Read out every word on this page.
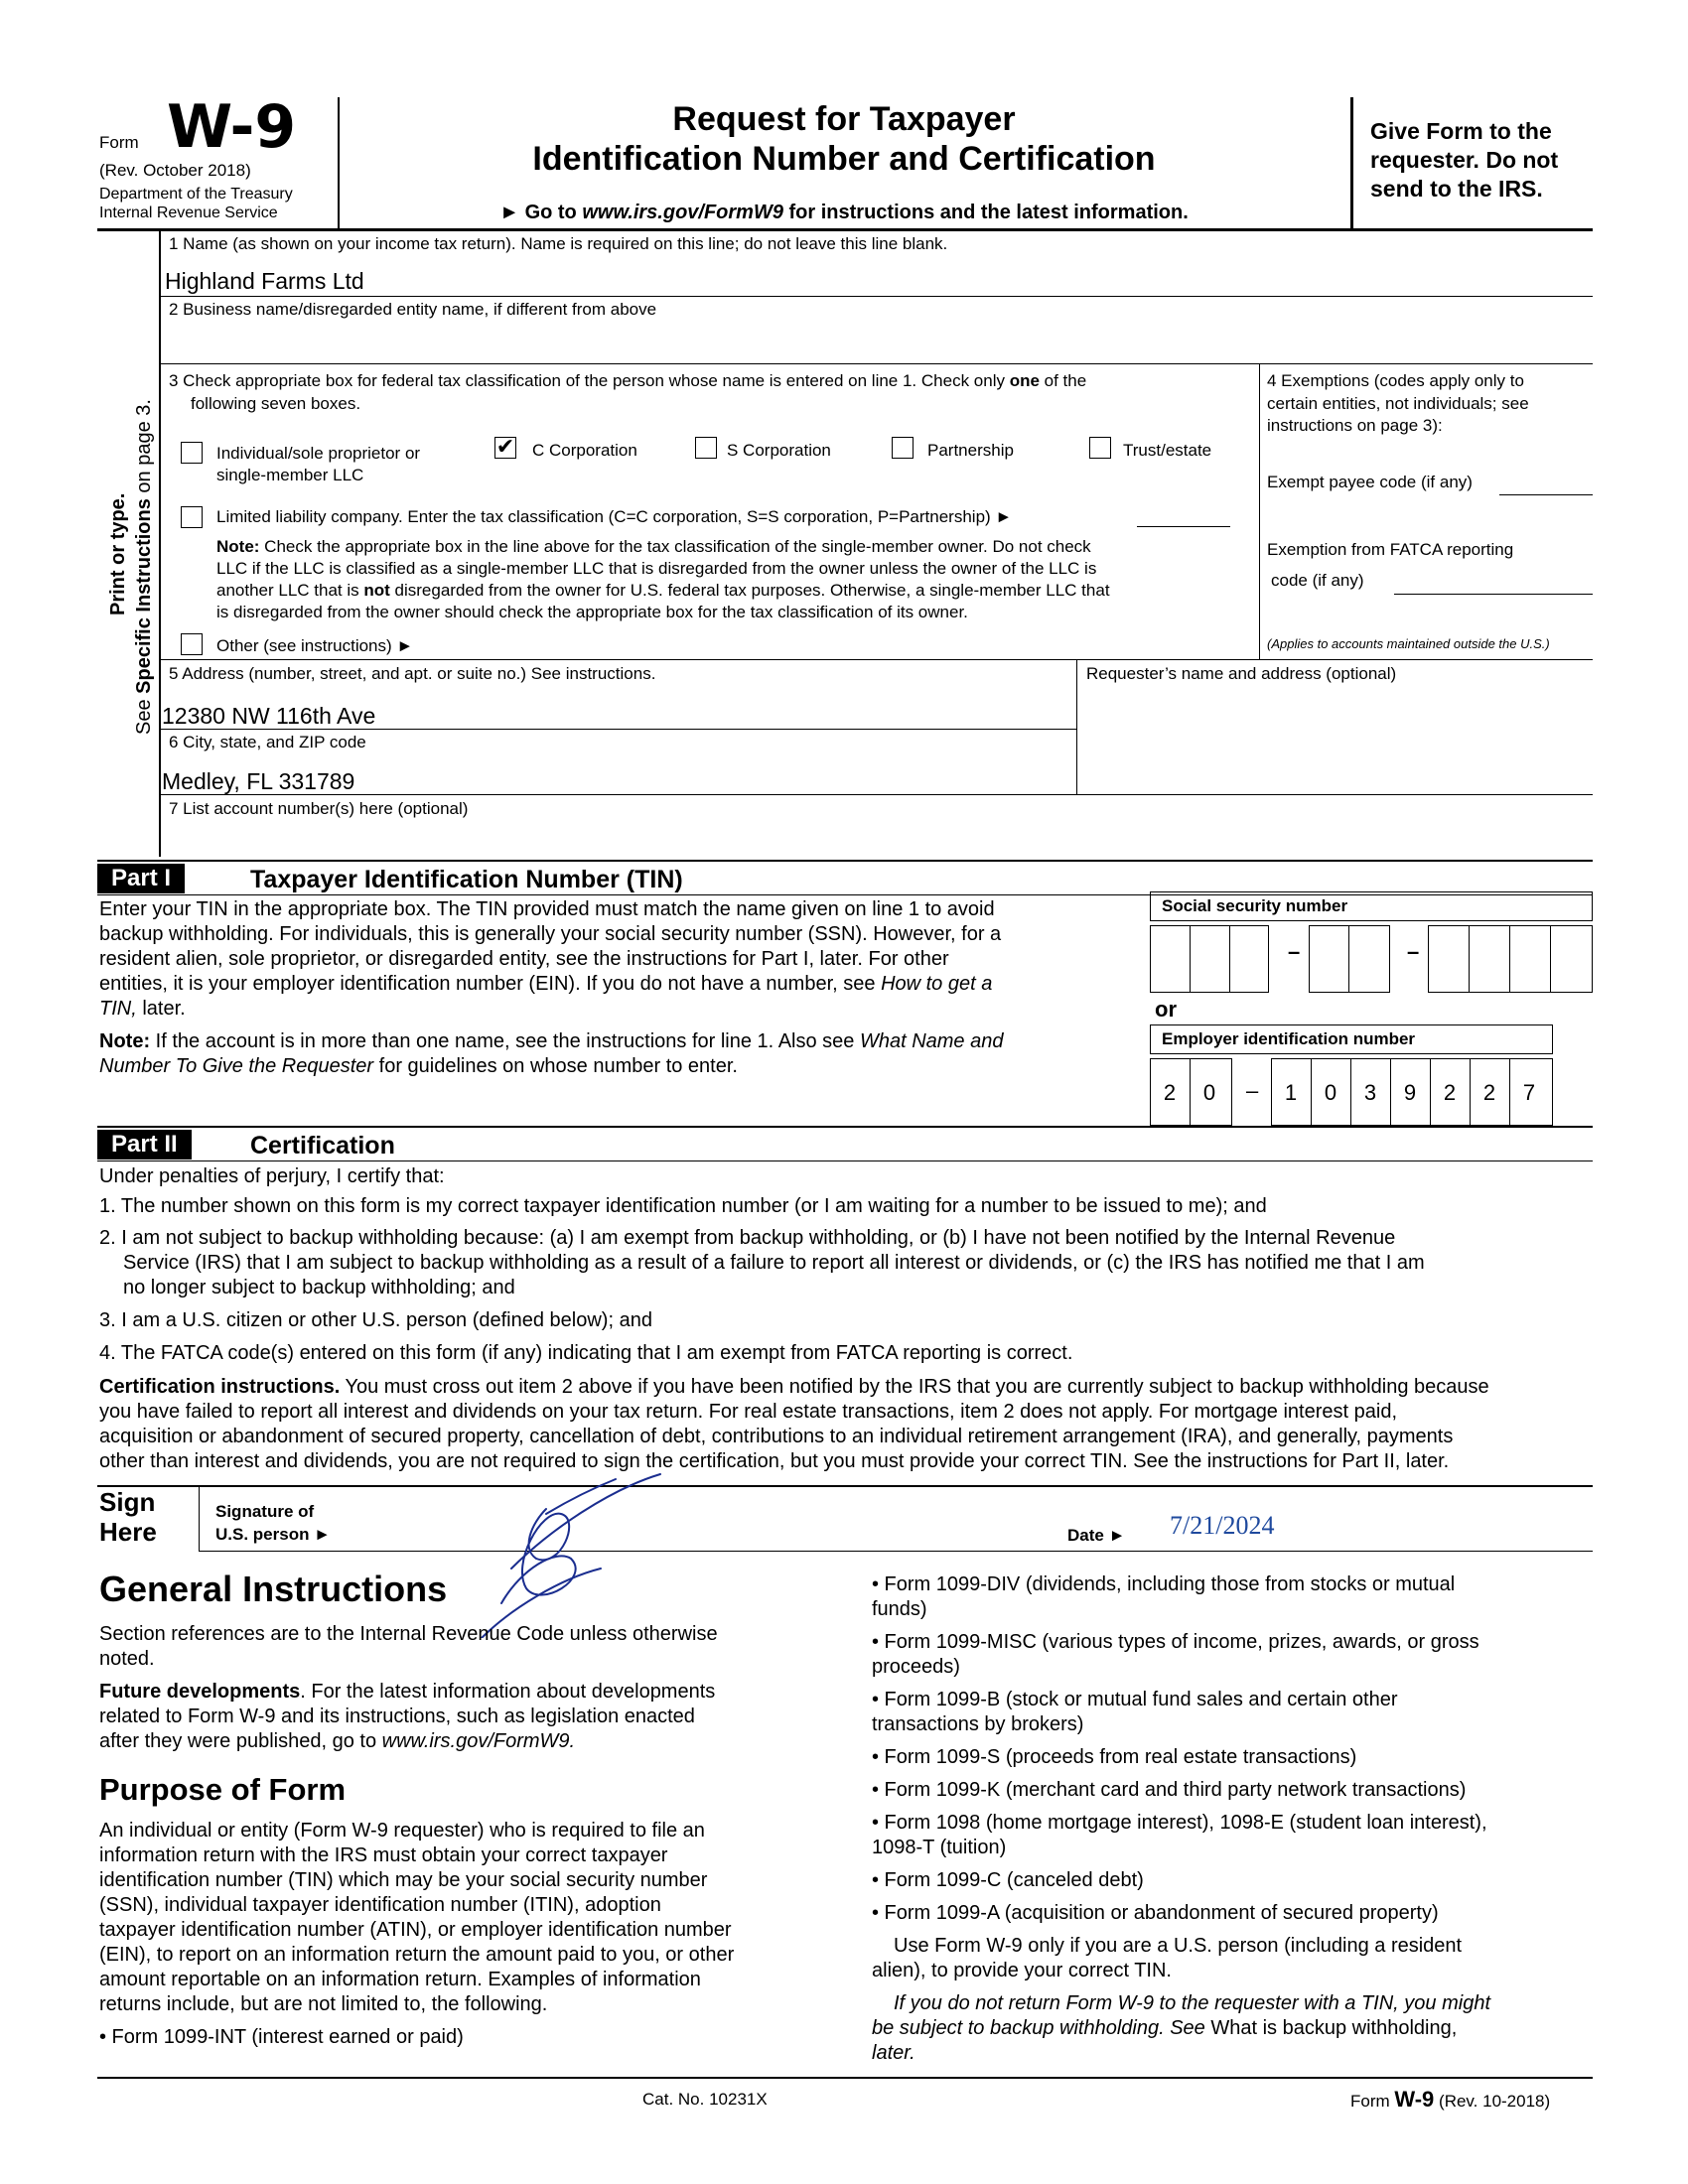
Form W-9
(Rev. October 2018)
Department of the Treasury
Internal Revenue Service
Request for Taxpayer
Identification Number and Certification
► Go to www.irs.gov/FormW9 for instructions and the latest information.
Give Form to the requester. Do not send to the IRS.
Print or type.
See Specific Instructions on page 3.
1 Name (as shown on your income tax return). Name is required on this line; do not leave this line blank.
Highland Farms Ltd
2 Business name/disregarded entity name, if different from above
3 Check appropriate box for federal tax classification of the person whose name is entered on line 1. Check only one of the
following seven boxes.
Individual/sole proprietor or
single-member LLC
✔ C Corporation	S Corporation	Partnership	Trust/estate
Limited liability company. Enter the tax classification (C=C corporation, S=S corporation, P=Partnership) ►
Note: Check the appropriate box in the line above for the tax classification of the single-member owner. Do not check
LLC if the LLC is classified as a single-member LLC that is disregarded from the owner unless the owner of the LLC is
another LLC that is not disregarded from the owner for U.S. federal tax purposes. Otherwise, a single-member LLC that
is disregarded from the owner should check the appropriate box for the tax classification of its owner.
Other (see instructions) ►
4 Exemptions (codes apply only to
certain entities, not individuals; see
instructions on page 3):
Exempt payee code (if any)
Exemption from FATCA reporting
code (if any)
(Applies to accounts maintained outside the U.S.)
5 Address (number, street, and apt. or suite no.) See instructions.
12380 NW 116th Ave
Requester’s name and address (optional)
6 City, state, and ZIP code
Medley, FL 331789
7 List account number(s) here (optional)
Part I	Taxpayer Identification Number (TIN)
Enter your TIN in the appropriate box. The TIN provided must match the name given on line 1 to avoid
backup withholding. For individuals, this is generally your social security number (SSN). However, for a
resident alien, sole proprietor, or disregarded entity, see the instructions for Part I, later. For other
entities, it is your employer identification number (EIN). If you do not have a number, see How to get a
TIN, later.
Note: If the account is in more than one name, see the instructions for line 1. Also see What Name and
Number To Give the Requester for guidelines on whose number to enter.
Social security number
–	–
or
Employer identification number
2	0	–	1	0	3	9	2	2	7
Part II	Certification
Under penalties of perjury, I certify that:
1. The number shown on this form is my correct taxpayer identification number (or I am waiting for a number to be issued to me); and
2. I am not subject to backup withholding because: (a) I am exempt from backup withholding, or (b) I have not been notified by the Internal Revenue
Service (IRS) that I am subject to backup withholding as a result of a failure to report all interest or dividends, or (c) the IRS has notified me that I am
no longer subject to backup withholding; and
3. I am a U.S. citizen or other U.S. person (defined below); and
4. The FATCA code(s) entered on this form (if any) indicating that I am exempt from FATCA reporting is correct.
Certification instructions. You must cross out item 2 above if you have been notified by the IRS that you are currently subject to backup withholding because
you have failed to report all interest and dividends on your tax return. For real estate transactions, item 2 does not apply. For mortgage interest paid,
acquisition or abandonment of secured property, cancellation of debt, contributions to an individual retirement arrangement (IRA), and generally, payments
other than interest and dividends, you are not required to sign the certification, but you must provide your correct TIN. See the instructions for Part II, later.
Sign
Here
Signature of
U.S. person ►	Date ► 7/21/2024
General Instructions
Section references are to the Internal Revenue Code unless otherwise
noted.
Future developments. For the latest information about developments
related to Form W-9 and its instructions, such as legislation enacted
after they were published, go to www.irs.gov/FormW9.
Purpose of Form
An individual or entity (Form W-9 requester) who is required to file an
information return with the IRS must obtain your correct taxpayer
identification number (TIN) which may be your social security number
(SSN), individual taxpayer identification number (ITIN), adoption
taxpayer identification number (ATIN), or employer identification number
(EIN), to report on an information return the amount paid to you, or other
amount reportable on an information return. Examples of information
returns include, but are not limited to, the following.
• Form 1099-INT (interest earned or paid)
• Form 1099-DIV (dividends, including those from stocks or mutual
funds)
• Form 1099-MISC (various types of income, prizes, awards, or gross
proceeds)
• Form 1099-B (stock or mutual fund sales and certain other
transactions by brokers)
• Form 1099-S (proceeds from real estate transactions)
• Form 1099-K (merchant card and third party network transactions)
• Form 1098 (home mortgage interest), 1098-E (student loan interest),
1098-T (tuition)
• Form 1099-C (canceled debt)
• Form 1099-A (acquisition or abandonment of secured property)
Use Form W-9 only if you are a U.S. person (including a resident
alien), to provide your correct TIN.
If you do not return Form W-9 to the requester with a TIN, you might
be subject to backup withholding. See What is backup withholding,
later.
Cat. No. 10231X	Form W-9 (Rev. 10-2018)
